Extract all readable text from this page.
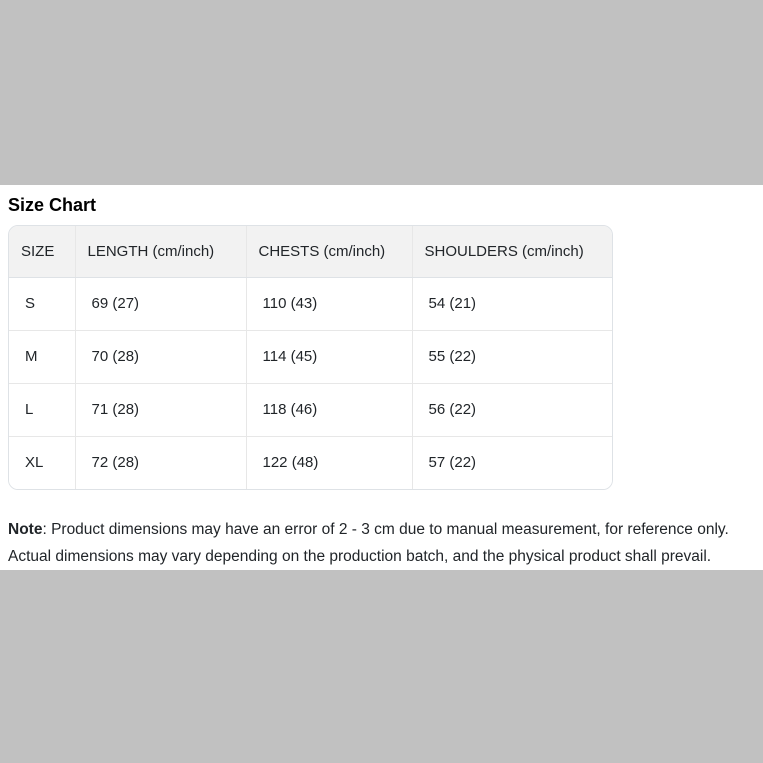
Size Chart
SIZE	LENGTH (cm/inch)	CHESTS (cm/inch)	SHOULDERS (cm/inch)
S	69 (27)	110 (43)	54 (21)
M	70 (28)	114 (45)	55 (22)
L	71 (28)	118 (46)	56 (22)
XL	72 (28)	122 (48)	57 (22)

Note: Product dimensions may have an error of 2 - 3 cm due to manual measurement, for reference only.
Actual dimensions may vary depending on the production batch, and the physical product shall prevail.
